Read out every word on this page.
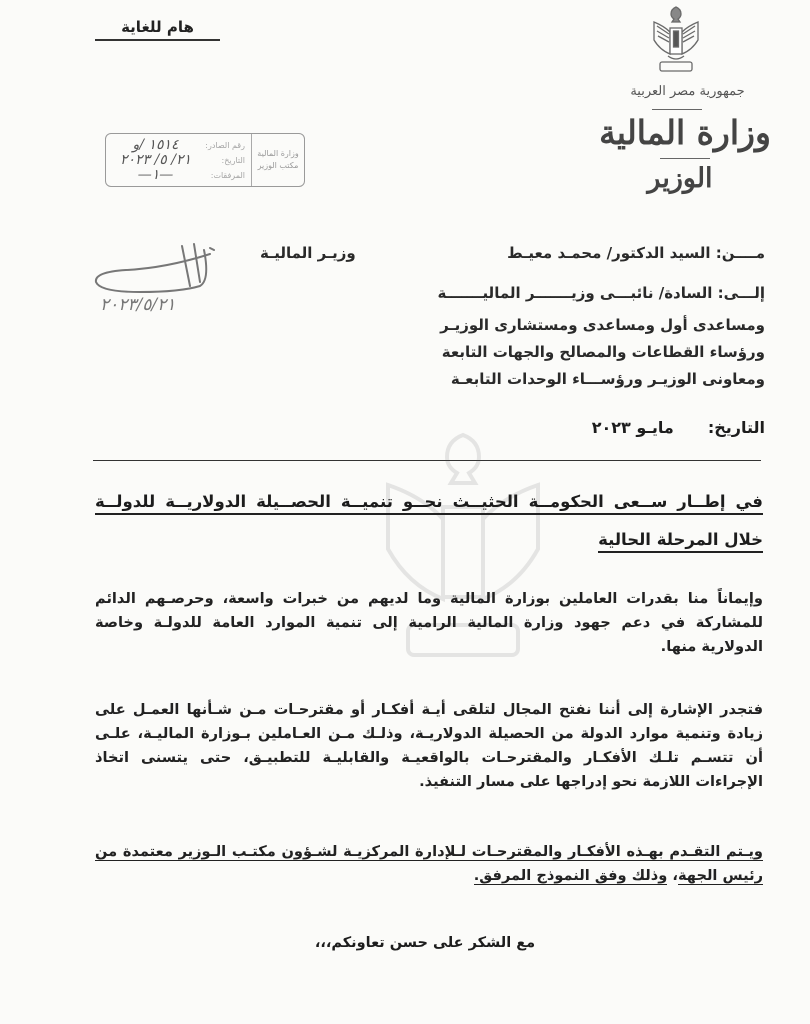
هام للغاية
جمهورية مصر العربية
وزارة المالية
الوزير
وزارة المالية
مكتب الوزير
رقم الصادر:
١٥١٤ /و
التاريخ:
٢١/ ٥/ ٢٠٢٣
المرفقات:
—١—
٢٠٢٣/٥/٢١
مــــن: السيد الدكتور/ محمـد معيـط
وزيـر الماليـة
إلـــى:

السادة/ نائبـــى وزيـــــــر الماليـــــــة
ومساعدى أول ومساعدى ومستشارى الوزيـر
ورؤساء القطاعات والمصالح والجهات التابعة
ومعاونى الوزيـر ورؤســـاء الوحدات التابعـة
التاريخ:
مايـو ٢٠٢٣
في إطــار ســعى الحكومــة الحثيــث نحــو تنميــة الحصــيلة الدولاريــة للدولــة
خلال المرحلة الحالية
وإيماناً منا بقدرات العاملين بوزارة المالية وما لديهم من خبرات واسعة، وحرصـهم الدائم للمشاركة في دعم جهود وزارة المالية الرامية إلى تنمية الموارد العامة للدولـة وخاصة الدولارية منها.
فتجدر الإشارة إلى أننا نفتح المجال لتلقى أيـة أفكـار أو مقترحـات مـن شـأنها العمـل على زيادة وتنمية موارد الدولة من الحصيلة الدولاريـة، وذلـك مـن العـاملين بـوزارة الماليـة، علـى أن تتسـم تلـك الأفكـار والمقترحـات بالواقعيـة والقابليـة للتطبيـق، حتى يتسنى اتخاذ الإجراءات اللازمة نحو إدراجها على مسار التنفيذ.
ويـتم التقـدم بهـذه الأفكـار والمقترحـات لـلإدارة المركزيـة لشـؤون مكتـب الـوزير معتمدة من رئيس الجهة، وذلك وفق النموذج المرفق.
مع الشكر على حسن تعاونكم،،،
